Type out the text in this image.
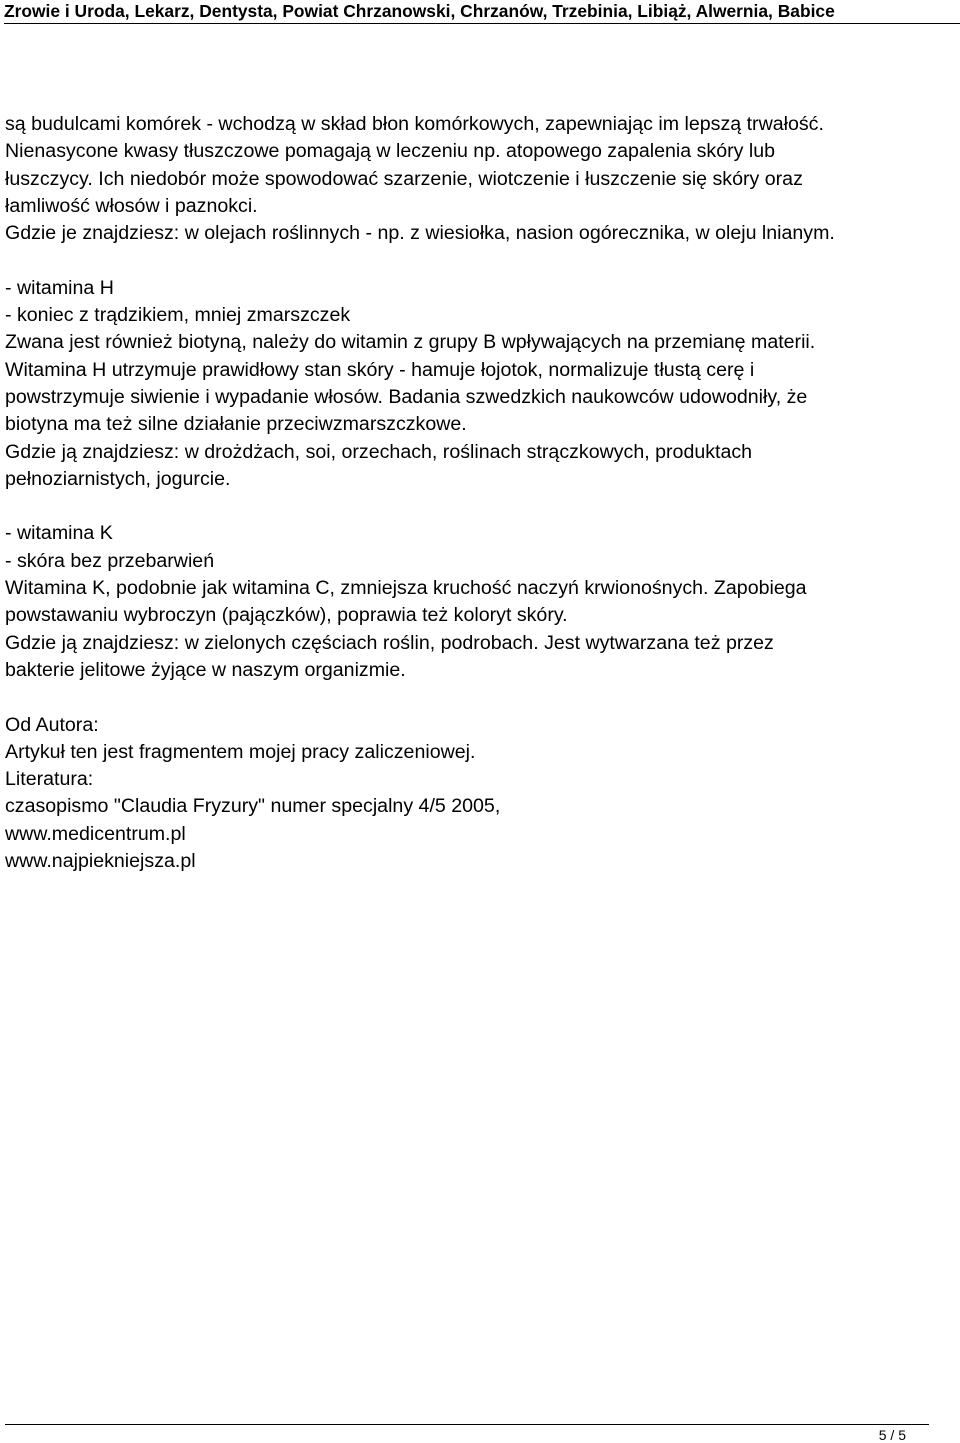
Zrowie i Uroda, Lekarz, Dentysta, Powiat Chrzanowski, Chrzanów, Trzebinia, Libiąż, Alwernia, Babice

są budulcami komórek - wchodzą w skład błon komórkowych, zapewniając im lepszą trwałość.
Nienasycone kwasy tłuszczowe pomagają w leczeniu np. atopowego zapalenia skóry lub
łuszczycy. Ich niedobór może spowodować szarzenie, wiotczenie i łuszczenie się skóry oraz
łamliwość włosów i paznokci.
Gdzie je znajdziesz: w olejach roślinnych - np. z wiesiołka, nasion ogórecznika, w oleju lnianym.

- witamina H
- koniec z trądzikiem, mniej zmarszczek
Zwana jest również biotyną, należy do witamin z grupy B wpływających na przemianę materii.
Witamina H utrzymuje prawidłowy stan skóry - hamuje łojotok, normalizuje tłustą cerę i
powstrzymuje siwienie i wypadanie włosów. Badania szwedzkich naukowców udowodniły, że
biotyna ma też silne działanie przeciwzmarszczkowe.
Gdzie ją znajdziesz: w drożdżach, soi, orzechach, roślinach strączkowych, produktach
pełnoziarnistych, jogurcie.

- witamina K
- skóra bez przebarwień
Witamina K, podobnie jak witamina C, zmniejsza kruchość naczyń krwionośnych. Zapobiega
powstawaniu wybroczyn (pajączków), poprawia też koloryt skóry.
Gdzie ją znajdziesz: w zielonych częściach roślin, podrobach. Jest wytwarzana też przez
bakterie jelitowe żyjące w naszym organizmie.

Od Autora:
Artykuł ten jest fragmentem mojej pracy zaliczeniowej.
Literatura:
czasopismo "Claudia Fryzury" numer specjalny 4/5 2005,
www.medicentrum.pl
www.najpiekniejsza.pl

5 / 5
